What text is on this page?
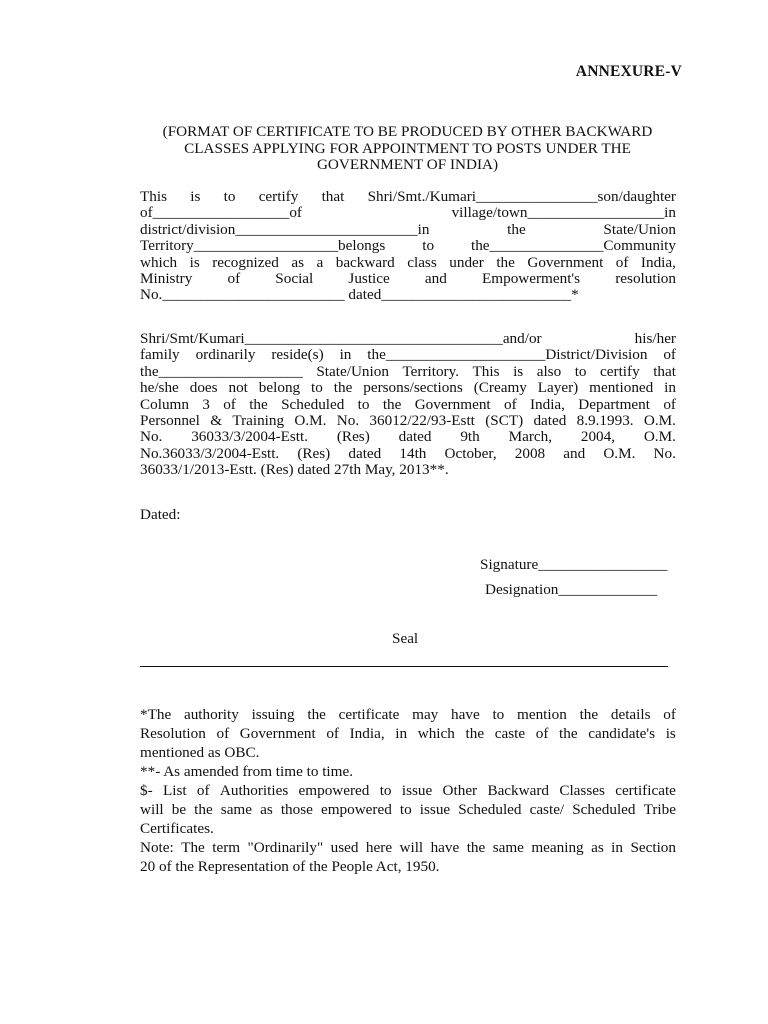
ANNEXURE-V
(FORMAT OF CERTIFICATE TO BE PRODUCED BY OTHER BACKWARD
CLASSES APPLYING FOR APPOINTMENT TO POSTS UNDER THE
GOVERNMENT OF INDIA)
This is to certify that Shri/Smt./Kumari________________son/daughter
of__________________of	village/town__________________in
district/division________________________in	the	State/Union
Territory___________________belongs to the_______________Community
which is recognized as a backward class under the Government of India,
Ministry of Social Justice and Empowerment's resolution
No.________________________ dated_________________________*
Shri/Smt/Kumari__________________________________and/or	his/her
family ordinarily reside(s) in the_____________________District/Division of
the___________________ State/Union Territory. This is also to certify that
he/she does not belong to the persons/sections (Creamy Layer) mentioned in
Column 3 of the Scheduled to the Government of India, Department of
Personnel & Training O.M. No. 36012/22/93-Estt (SCT) dated 8.9.1993. O.M.
No. 36033/3/2004-Estt. (Res) dated 9th March, 2004, O.M.
No.36033/3/2004-Estt. (Res) dated 14th October, 2008 and O.M. No.
36033/1/2013-Estt. (Res) dated 27th May, 2013**.
Dated:
Signature_________________
Designation_____________
Seal
*The authority issuing the certificate may have to mention the details of
Resolution of Government of India, in which the caste of the candidate's is
mentioned as OBC.
**- As amended from time to time.
$- List of Authorities empowered to issue Other Backward Classes certificate
will be the same as those empowered to issue Scheduled caste/ Scheduled Tribe
Certificates.
Note: The term "Ordinarily" used here will have the same meaning as in Section
20 of the Representation of the People Act, 1950.
